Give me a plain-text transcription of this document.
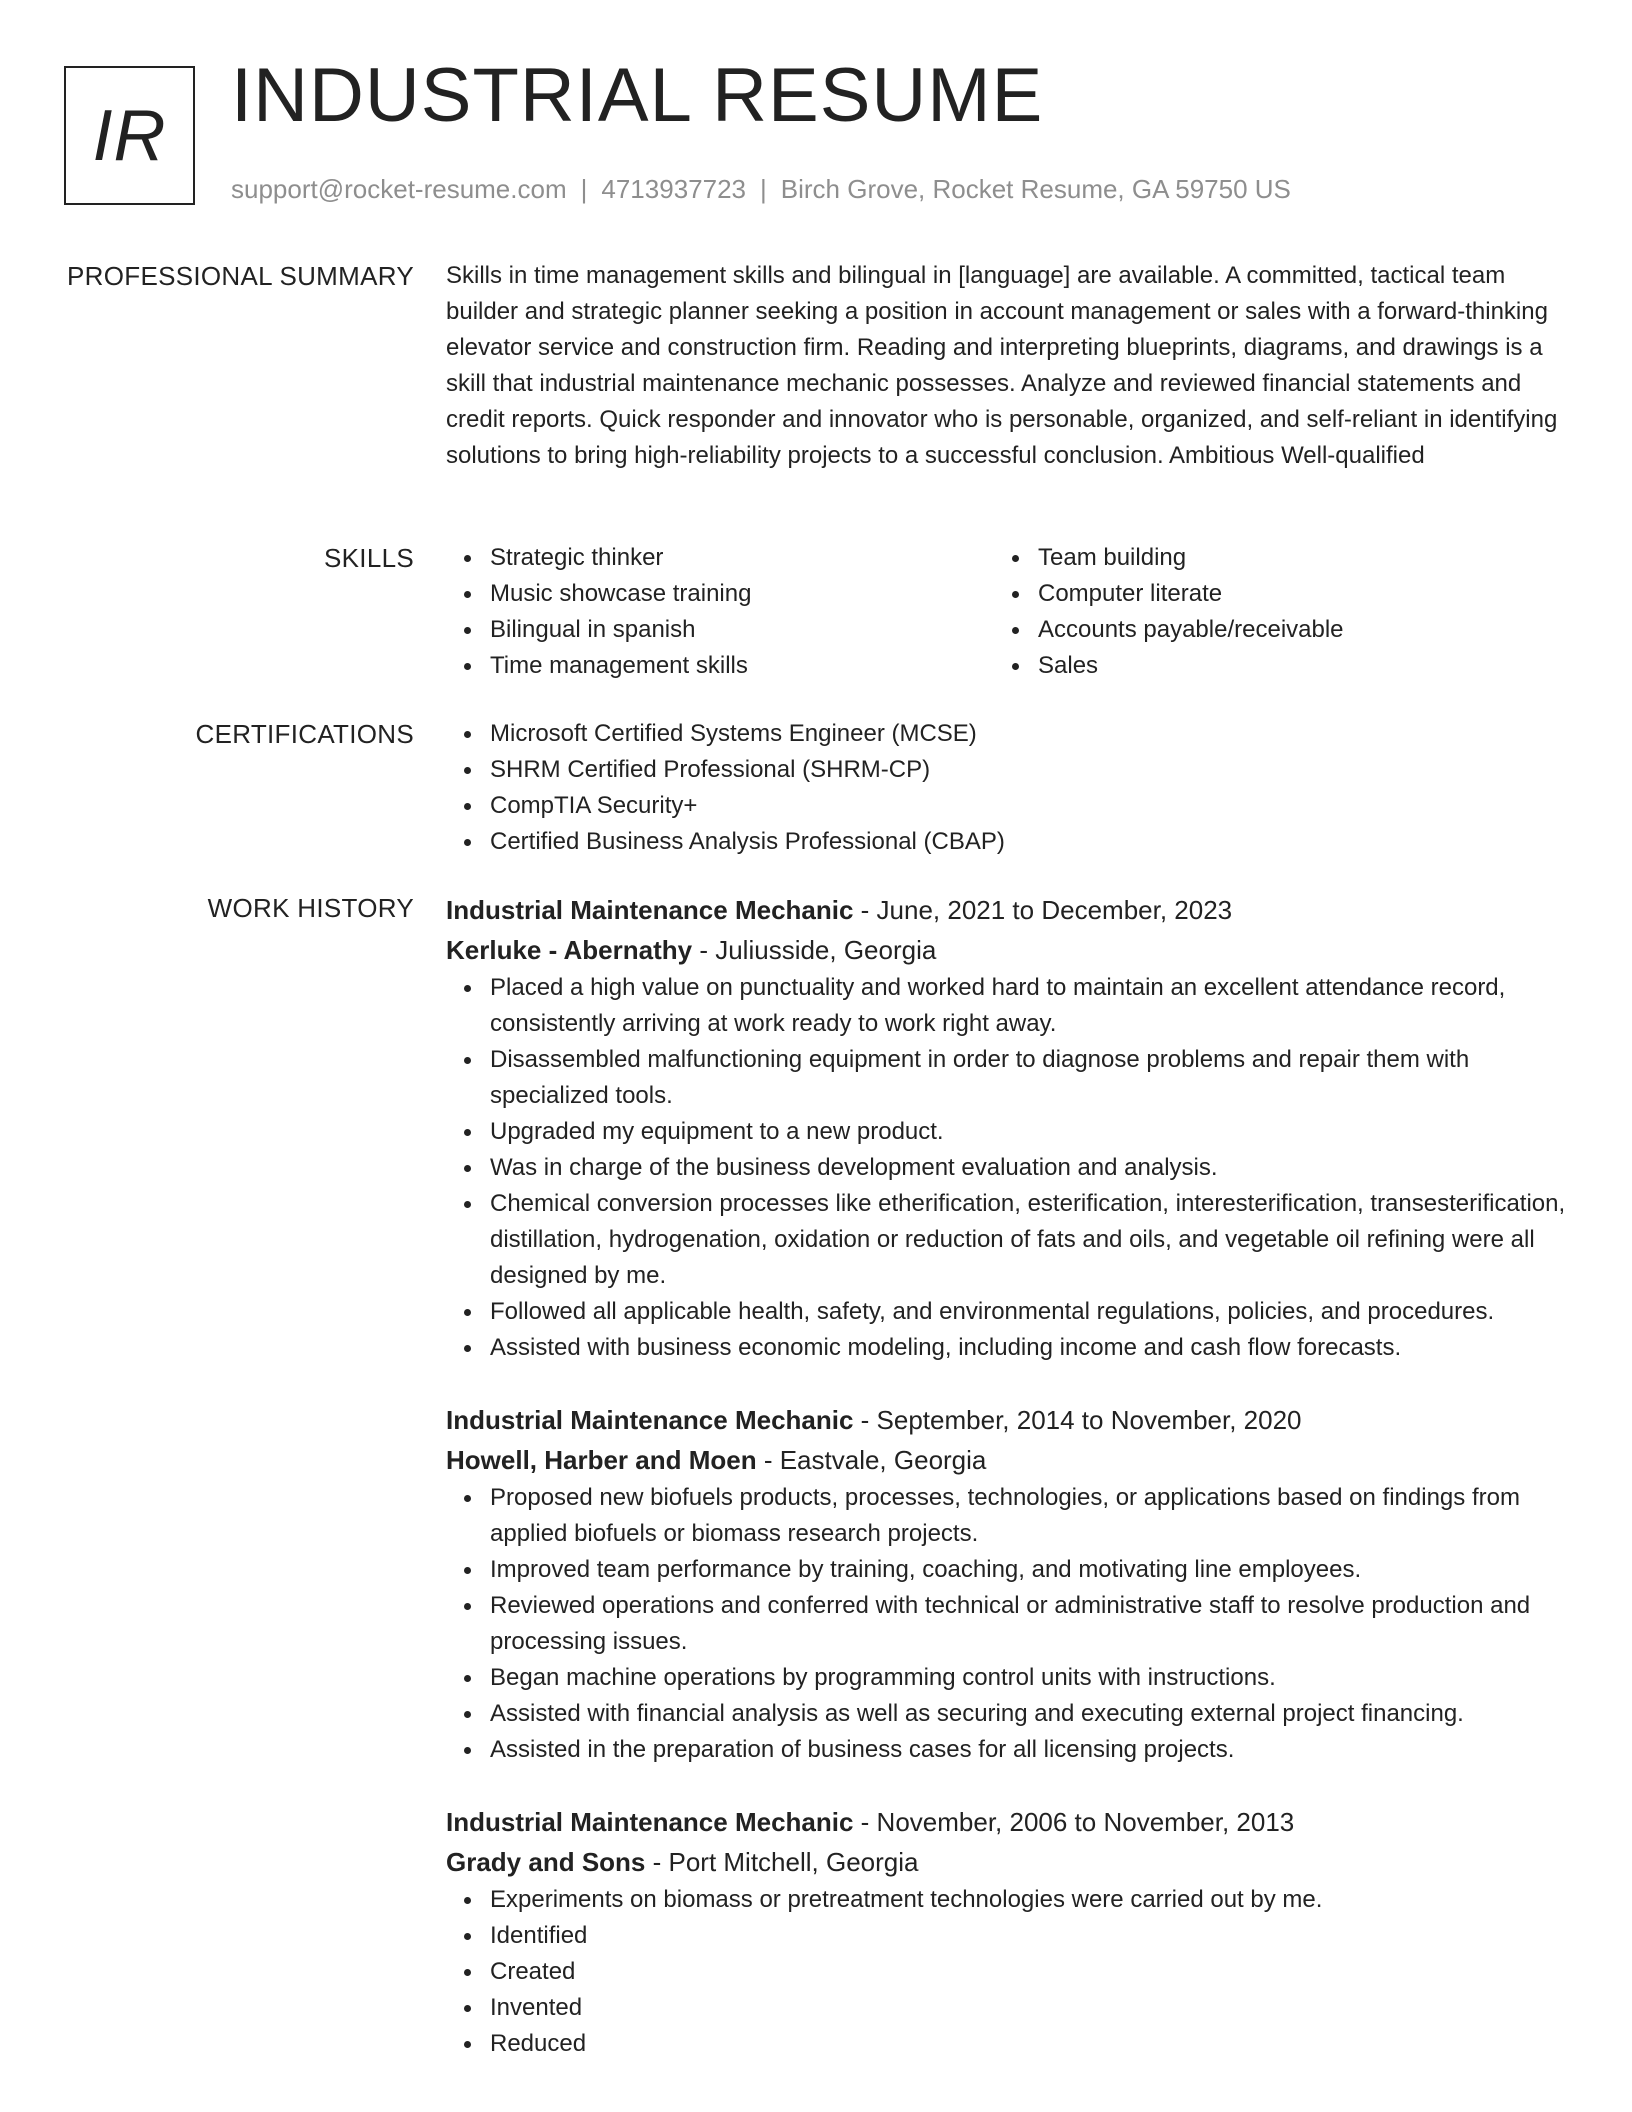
IR INDUSTRIAL RESUME
support@rocket-resume.com | 4713937723 | Birch Grove, Rocket Resume, GA 59750 US
PROFESSIONAL SUMMARY Skills in time management skills and bilingual in [language] are available. A committed, tactical team builder and strategic planner seeking a position in account management or sales with a forward-thinking elevator service and construction firm. Reading and interpreting blueprints, diagrams, and drawings is a skill that industrial maintenance mechanic possesses. Analyze and reviewed financial statements and credit reports. Quick responder and innovator who is personable, organized, and self-reliant in identifying solutions to bring high-reliability projects to a successful conclusion. Ambitious Well-qualified

SKILLS	Strategic thinker
Music showcase training
Bilingual in spanish
Time management skills
Team building
Computer literate
Accounts payable/receivable
Sales
CERTIFICATIONS	Microsoft Certified Systems Engineer (MCSE)
SHRM Certified Professional (SHRM-CP)
CompTIA Security+
Certified Business Analysis Professional (CBAP)
WORK HISTORY Industrial Maintenance Mechanic - June, 2021 to December, 2023
Kerluke - Abernathy - Juliusside, Georgia
Placed a high value on punctuality and worked hard to maintain an excellent attendance record, consistently arriving at work ready to work right away.
Disassembled malfunctioning equipment in order to diagnose problems and repair them with specialized tools.
Upgraded my equipment to a new product.
Was in charge of the business development evaluation and analysis.
Chemical conversion processes like etherification, esterification, interesterification, transesterification, distillation, hydrogenation, oxidation or reduction of fats and oils, and vegetable oil refining were all designed by me.
Followed all applicable health, safety, and environmental regulations, policies, and procedures.
Assisted with business economic modeling, including income and cash flow forecasts.
Industrial Maintenance Mechanic - September, 2014 to November, 2020
Howell, Harber and Moen - Eastvale, Georgia
Proposed new biofuels products, processes, technologies, or applications based on findings from applied biofuels or biomass research projects.
Improved team performance by training, coaching, and motivating line employees.
Reviewed operations and conferred with technical or administrative staff to resolve production and processing issues.
Began machine operations by programming control units with instructions.
Assisted with financial analysis as well as securing and executing external project financing.
Assisted in the preparation of business cases for all licensing projects.
Industrial Maintenance Mechanic - November, 2006 to November, 2013
Grady and Sons - Port Mitchell, Georgia
Experiments on biomass or pretreatment technologies were carried out by me.
Identified
Created
Invented
Reduced
